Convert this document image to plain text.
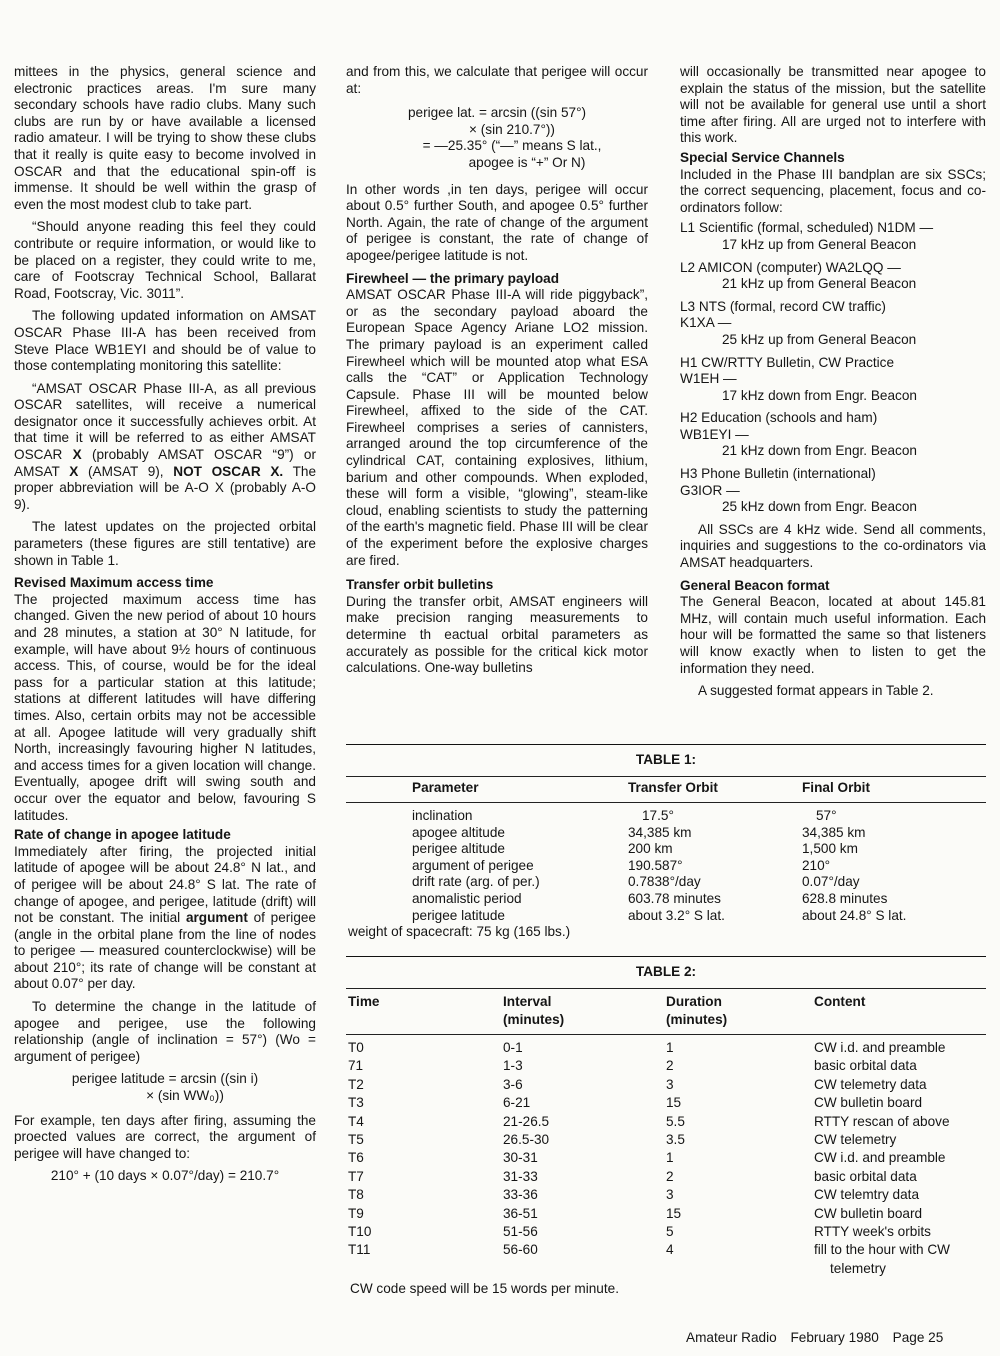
mittees in the physics, general science and electronic practices areas. I'm sure many secondary schools have radio clubs. Many such clubs are run by or have available a licensed radio amateur. I will be trying to show these clubs that it really is quite easy to become involved in OSCAR and that the educational spin-off is immense. It should be well within the grasp of even the most modest club to take part.

“Should anyone reading this feel they could contribute or require information, or would like to be placed on a register, they could write to me, care of Footscray Technical School, Ballarat Road, Footscray, Vic. 3011”.

The following updated information on AMSAT OSCAR Phase III-A has been received from Steve Place WB1EYI and should be of value to those contemplating monitoring this satellite:

“AMSAT OSCAR Phase III-A, as all previous OSCAR satellites, will receive a numerical designator once it successfully achieves orbit. At that time it will be referred to as either AMSAT OSCAR X (probably AMSAT OSCAR “9”) or AMSAT X (AMSAT 9), NOT OSCAR X. The proper abbreviation will be A-O X (probably A-O 9).

The latest updates on the projected orbital parameters (these figures are still tentative) are shown in Table 1.

Revised Maximum access time

The projected maximum access time has changed. Given the new period of about 10 hours and 28 minutes, a station at 30° N latitude, for example, will have about 9½ hours of continuous access. This, of course, would be for the ideal pass for a particular station at this latitude; stations at different latitudes will have differing times. Also, certain orbits may not be accessible at all. Apogee latitude will very gradually shift North, increasingly favouring higher N latitudes, and access times for a given location will change. Eventually, apogee drift will swing south and occur over the equator and below, favouring S latitudes.

Rate of change in apogee latitude

Immediately after firing, the projected initial latitude of apogee will be about 24.8° N lat., and of perigee will be about 24.8° S lat. The rate of change of apogee, and perigee, latitude (drift) will not be constant. The initial argument of perigee (angle in the orbital plane from the line of nodes to perigee — measured counterclockwise) will be about 210°; its rate of change will be constant at about 0.07° per day.

To determine the change in the latitude of apogee and perigee, use the following relationship (angle of inclination = 57°) (Wo = argument of perigee)

perigee latitude = arcsin ((sin i)
× (sin WW₀))

For example, ten days after firing, assuming the proected values are correct, the argument of perigee will have changed to:

210° + (10 days × 0.07°/day) = 210.7°

and from this, we calculate that perigee will occur at:

perigee lat. = arcsin ((sin 57°)
× (sin 210.7°))
= —25.35° (“—” means S lat.,
apogee is “+” Or N)

In other words ,in ten days, perigee will occur about 0.5° further South, and apogee 0.5° further North. Again, the rate of change of the argument of perigee is constant, the rate of change of apogee/perigee latitude is not.

Firewheel — the primary payload

AMSAT OSCAR Phase III-A will ride piggyback”, or as the secondary payload aboard the European Space Agency Ariane LO2 mission. The primary payload is an experiment called Firewheel which will be mounted atop what ESA calls the “CAT” or Application Technology Capsule. Phase III will be mounted below Firewheel, affixed to the side of the CAT. Firewheel comprises a series of cannisters, arranged around the top circumference of the cylindrical CAT, containing explosives, lithium, barium and other compounds. When exploded, these will form a visible, “glowing”, steam-like cloud, enabling scientists to study the patterning of the earth's magnetic field. Phase III will be clear of the experiment before the explosive charges are fired.

Transfer orbit bulletins

During the transfer orbit, AMSAT engineers will make precision ranging measurements to determine th eactual orbital parameters as accurately as possible for the critical kick motor calculations. One-way bulletins

will occasionally be transmitted near apogee to explain the status of the mission, but the satellite will not be available for general use until a short time after firing. All are urged not to interfere with this work.

Special Service Channels

Included in the Phase III bandplan are six SSCs; the correct sequencing, placement, focus and co-ordinators follow:

L1 Scientific (formal, scheduled) N1DM —
17 kHz up from General Beacon
L2 AMICON (computer) WA2LQQ —
21 kHz up from General Beacon
L3 NTS (formal, record CW traffic)
K1XA —
25 kHz up from General Beacon
H1 CW/RTTY Bulletin, CW Practice
W1EH —
17 kHz down from Engr. Beacon
H2 Education (schools and ham)
WB1EYI —
21 kHz down from Engr. Beacon
H3 Phone Bulletin (international)
G3IOR —
25 kHz down from Engr. Beacon

All SSCs are 4 kHz wide. Send all comments, inquiries and suggestions to the co-ordinators via AMSAT headquarters.

General Beacon format

The General Beacon, located at about 145.81 MHz, will contain much useful information. Each hour will be formatted the same so that listeners will know exactly when to listen to get the information they need.

A suggested format appears in Table 2.

TABLE 1:
Parameter	Transfer Orbit	Final Orbit
inclination	17.5°	57°
apogee altitude	34,385 km	34,385 km
perigee altitude	200 km	1,500 km
argument of perigee	190.587°	210°
drift rate (arg. of per.)	0.7838°/day	0.07°/day
anomalistic period	603.78 minutes	628.8 minutes
perigee latitude	about 3.2° S lat.	about 24.8° S lat.
weight of spacecraft: 75 kg (165 lbs.)
TABLE 2:
Time	Interval	Duration	Content
(minutes)	(minutes)
T0	0-1	1	CW i.d. and preamble
71	1-3	2	basic orbital data
T2	3-6	3	CW telemetry data
T3	6-21	15	CW bulletin board
T4	21-26.5	5.5	RTTY rescan of above
T5	26.5-30	3.5	CW telemetry
T6	30-31	1	CW i.d. and preamble
T7	31-33	2	basic orbital data
T8	33-36	3	CW telemtry data
T9	36-51	15	CW bulletin board
T10	51-56	5	RTTY week's orbits
T11	56-60	4	fill to the hour with CW
telemetry
CW code speed will be 15 words per minute.
Amateur Radio February 1980 Page 25
